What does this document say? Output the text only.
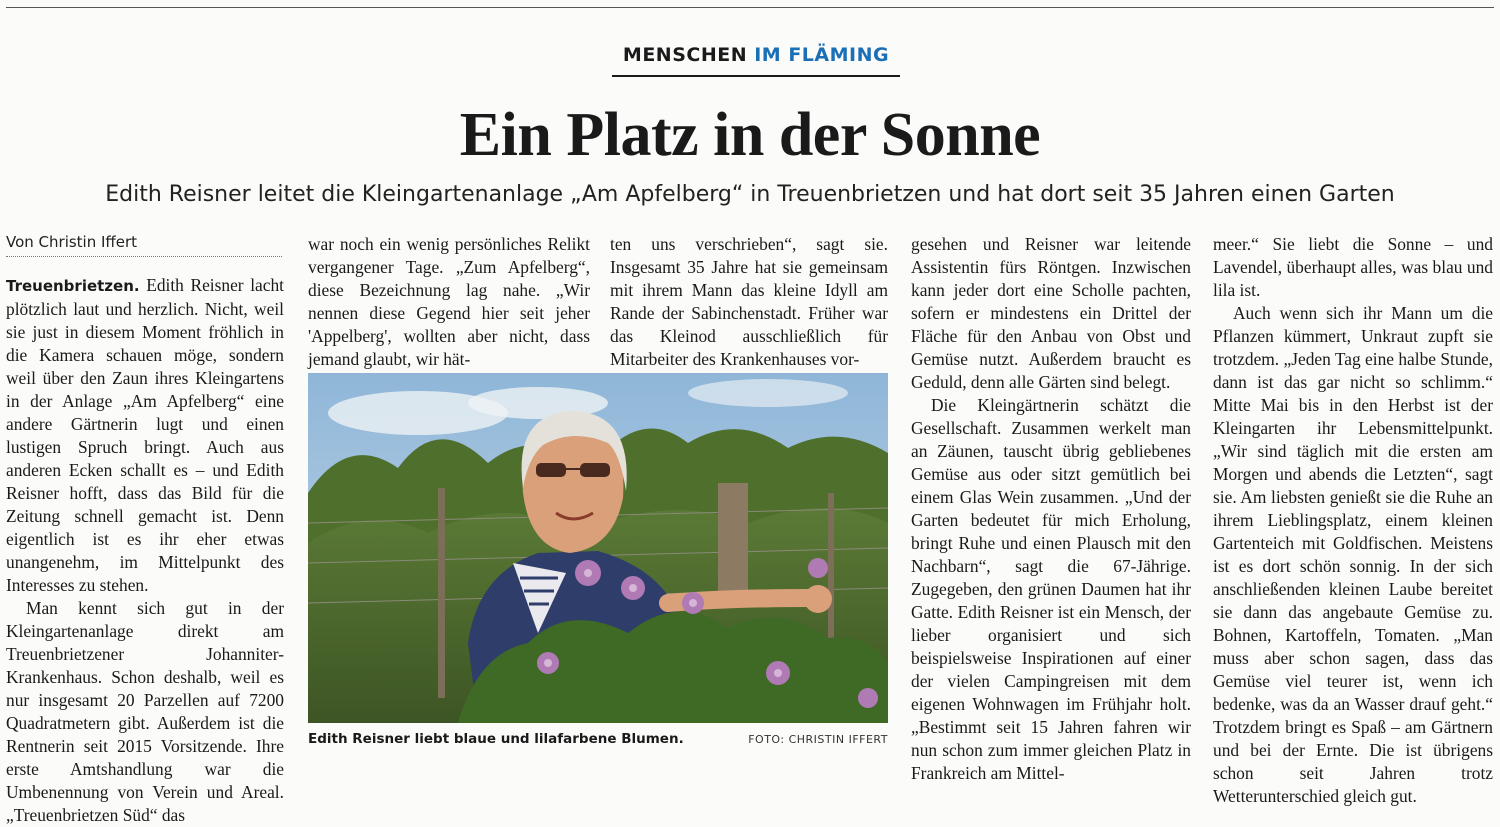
MENSCHEN IM FLÄMING
Ein Platz in der Sonne
Edith Reisner leitet die Kleingartenanlage „Am Apfelberg“ in Treuenbrietzen und hat dort seit 35 Jahren einen Garten
Von Christin Iffert

Treuenbrietzen. Edith Reisner lacht plötzlich laut und herzlich. Nicht, weil sie just in diesem Moment fröhlich in die Kamera schauen möge, sondern weil über den Zaun ihres Kleingartens in der Anlage „Am Apfelberg“ eine andere Gärtnerin lugt und einen lustigen Spruch bringt. Auch aus anderen Ecken schallt es – und Edith Reisner hofft, dass das Bild für die Zeitung schnell gemacht ist. Denn eigentlich ist es ihr eher etwas unangenehm, im Mittelpunkt des Interesses zu stehen.

Man kennt sich gut in der Kleingartenanlage direkt am Treuenbrietzener Johanniter-Krankenhaus. Schon deshalb, weil es nur insgesamt 20 Parzellen auf 7200 Quadratmetern gibt. Außerdem ist die Rentnerin seit 2015 Vorsitzende. Ihre erste Amtshandlung war die Umbenennung von Verein und Areal. „Treuenbrietzen Süd“ das

war noch ein wenig persönliches Relikt vergangener Tage. „Zum Apfelberg“, diese Bezeichnung lag nahe. „Wir nennen diese Gegend hier seit jeher 'Appelberg', wollten aber nicht, dass jemand glaubt, wir hät-

ten uns verschrieben“, sagt sie. Insgesamt 35 Jahre hat sie gemeinsam mit ihrem Mann das kleine Idyll am Rande der Sabinchenstadt. Früher war das Kleinod ausschließlich für Mitarbeiter des Krankenhauses vor-

gesehen und Reisner war leitende Assistentin fürs Röntgen. Inzwischen kann jeder dort eine Scholle pachten, sofern er mindestens ein Drittel der Fläche für den Anbau von Obst und Gemüse nutzt. Außerdem braucht es Geduld, denn alle Gärten sind belegt.

Die Kleingärtnerin schätzt die Gesellschaft. Zusammen werkelt man an Zäunen, tauscht übrig gebliebenes Gemüse aus oder sitzt gemütlich bei einem Glas Wein zusammen. „Und der Garten bedeutet für mich Erholung, bringt Ruhe und einen Plausch mit den Nachbarn“, sagt die 67-Jährige. Zugegeben, den grünen Daumen hat ihr Gatte. Edith Reisner ist ein Mensch, der lieber organisiert und sich beispielsweise Inspirationen auf einer der vielen Campingreisen mit dem eigenen Wohnwagen im Frühjahr holt. „Bestimmt seit 15 Jahren fahren wir nun schon zum immer gleichen Platz in Frankreich am Mittel-

meer.“ Sie liebt die Sonne – und Lavendel, überhaupt alles, was blau und lila ist.

Auch wenn sich ihr Mann um die Pflanzen kümmert, Unkraut zupft sie trotzdem. „Jeden Tag eine halbe Stunde, dann ist das gar nicht so schlimm.“ Mitte Mai bis in den Herbst ist der Kleingarten ihr Lebensmittelpunkt. „Wir sind täglich mit die ersten am Morgen und abends die Letzten“, sagt sie. Am liebsten genießt sie die Ruhe an ihrem Lieblingsplatz, einem kleinen Gartenteich mit Goldfischen. Meistens ist es dort schön sonnig. In der sich anschließenden kleinen Laube bereitet sie dann das angebaute Gemüse zu. Bohnen, Kartoffeln, Tomaten. „Man muss aber schon sagen, dass das Gemüse viel teurer ist, wenn ich bedenke, was da an Wasser drauf geht.“ Trotzdem bringt es Spaß – am Gärtnern und bei der Ernte. Die ist übrigens schon seit Jahren trotz Wetterunterschied gleich gut.

Edith Reisner liebt blaue und lilafarbene Blumen.	FOTO: CHRISTIN IFFERT
